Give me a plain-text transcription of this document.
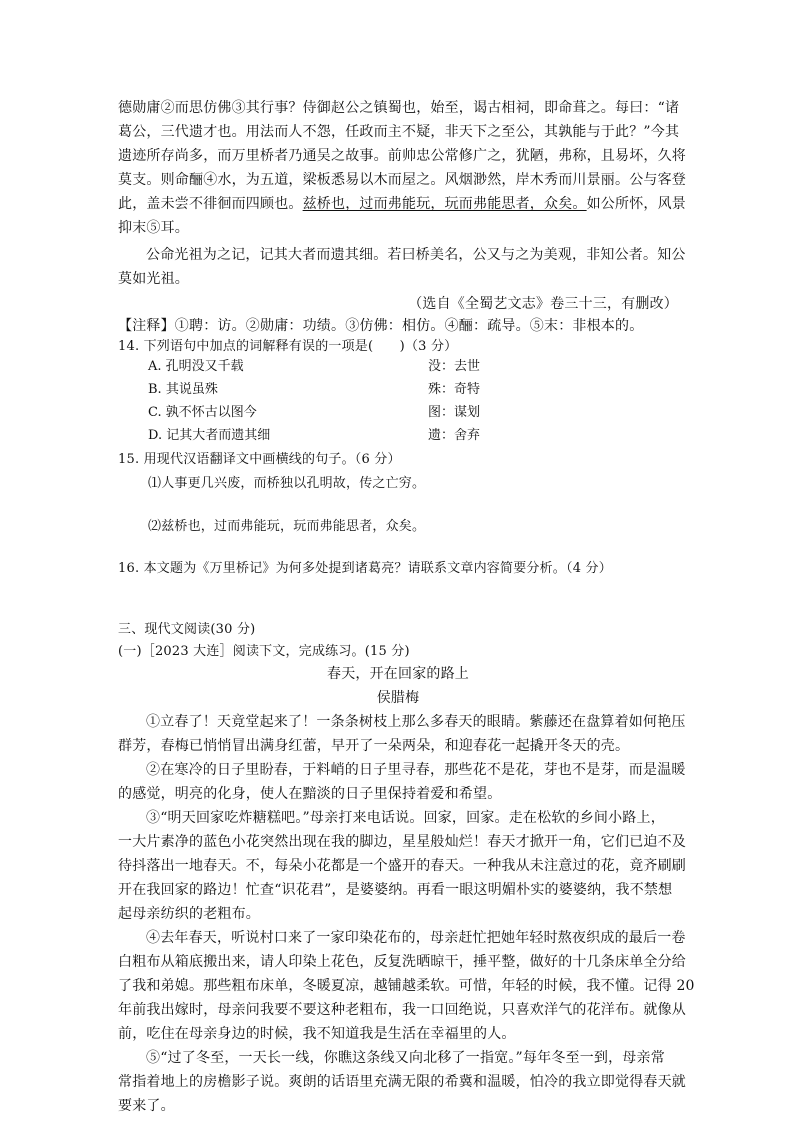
德勋庸②而思仿佛③其行事？侍御赵公之镇蜀也，始至，谒古相祠，即命葺之。每曰：“诸
葛公，三代遗才也。用法而人不怨，任政而主不疑，非天下之至公，其孰能与于此？”今其
遗迹所存尚多，而万里桥者乃通吴之故事。前帅忠公常修广之，犹陋，弗称，且易坏，久将
莫支。则命酾④水，为五道，梁板悉易以木而屋之。风烟渺然，岸木秀而川景丽。公与客登
此，盖未尝不徘徊而四顾也。兹桥也，过而弗能玩，玩而弗能思者，众矣。如公所怀，风景
抑末⑤耳。
公命光祖为之记，记其大者而遗其细。若曰桥美名，公又与之为美观，非知公者。知公
莫如光祖。
（选自《全蜀艺文志》卷三十三，有删改）
【注释】①聘：访。②勋庸：功绩。③仿佛：相仿。④酾：疏导。⑤末：非根本的。
14. 下列语句中加点的词解释有误的一项是(　　)（3 分）
A. 孔明没又千载	没：去世
B. 其说虽殊	殊：奇特
C. 孰不怀古以图今	图：谋划
D. 记其大者而遗其细	遗：舍弃
15. 用现代汉语翻译文中画横线的句子。（6 分）
⑴人事更几兴废，而桥独以孔明故，传之亡穷。
⑵兹桥也，过而弗能玩，玩而弗能思者，众矣。
16. 本文题为《万里桥记》为何多处提到诸葛亮？请联系文章内容简要分析。（4 分）
三、现代文阅读(30 分)
(一)［2023 大连］阅读下文，完成练习。(15 分)
春天，开在回家的路上
侯腊梅
①立春了！天竟堂起来了！一条条树枝上那么多春天的眼睛。紫藤还在盘算着如何艳压
群芳，春梅已悄悄冒出满身红蕾，早开了一朵两朵，和迎春花一起撬开冬天的壳。
②在寒冷的日子里盼春，于料峭的日子里寻春，那些花不是花，芽也不是芽，而是温暖
的感觉，明亮的化身，使人在黯淡的日子里保持着爱和希望。
③“明天回家吃炸糖糕吧。”母亲打来电话说。回家，回家。走在松软的乡间小路上，
一大片素净的蓝色小花突然出现在我的脚边，星星般灿烂！春天才掀开一角，它们已迫不及
待抖落出一地春天。不，每朵小花都是一个盛开的春天。一种我从未注意过的花，竟齐刷刷
开在我回家的路边！忙查“识花君”，是婆婆纳。再看一眼这明媚朴实的婆婆纳，我不禁想
起母亲纺织的老粗布。
④去年春天，听说村口来了一家印染花布的，母亲赶忙把她年轻时熬夜织成的最后一卷
白粗布从箱底搬出来，请人印染上花色，反复洗晒晾干，捶平整，做好的十几条床单全分给
了我和弟媳。那些粗布床单，冬暖夏凉，越铺越柔软。可惜，年轻的时候，我不懂。记得 20
年前我出嫁时，母亲问我要不要这种老粗布，我一口回绝说，只喜欢洋气的花洋布。就像从
前，吃住在母亲身边的时候，我不知道我是生活在幸福里的人。
⑤“过了冬至，一天长一线，你瞧这条线又向北移了一指宽。”每年冬至一到，母亲常
常指着地上的房檐影子说。爽朗的话语里充满无限的希冀和温暖，怕冷的我立即觉得春天就
要来了。
